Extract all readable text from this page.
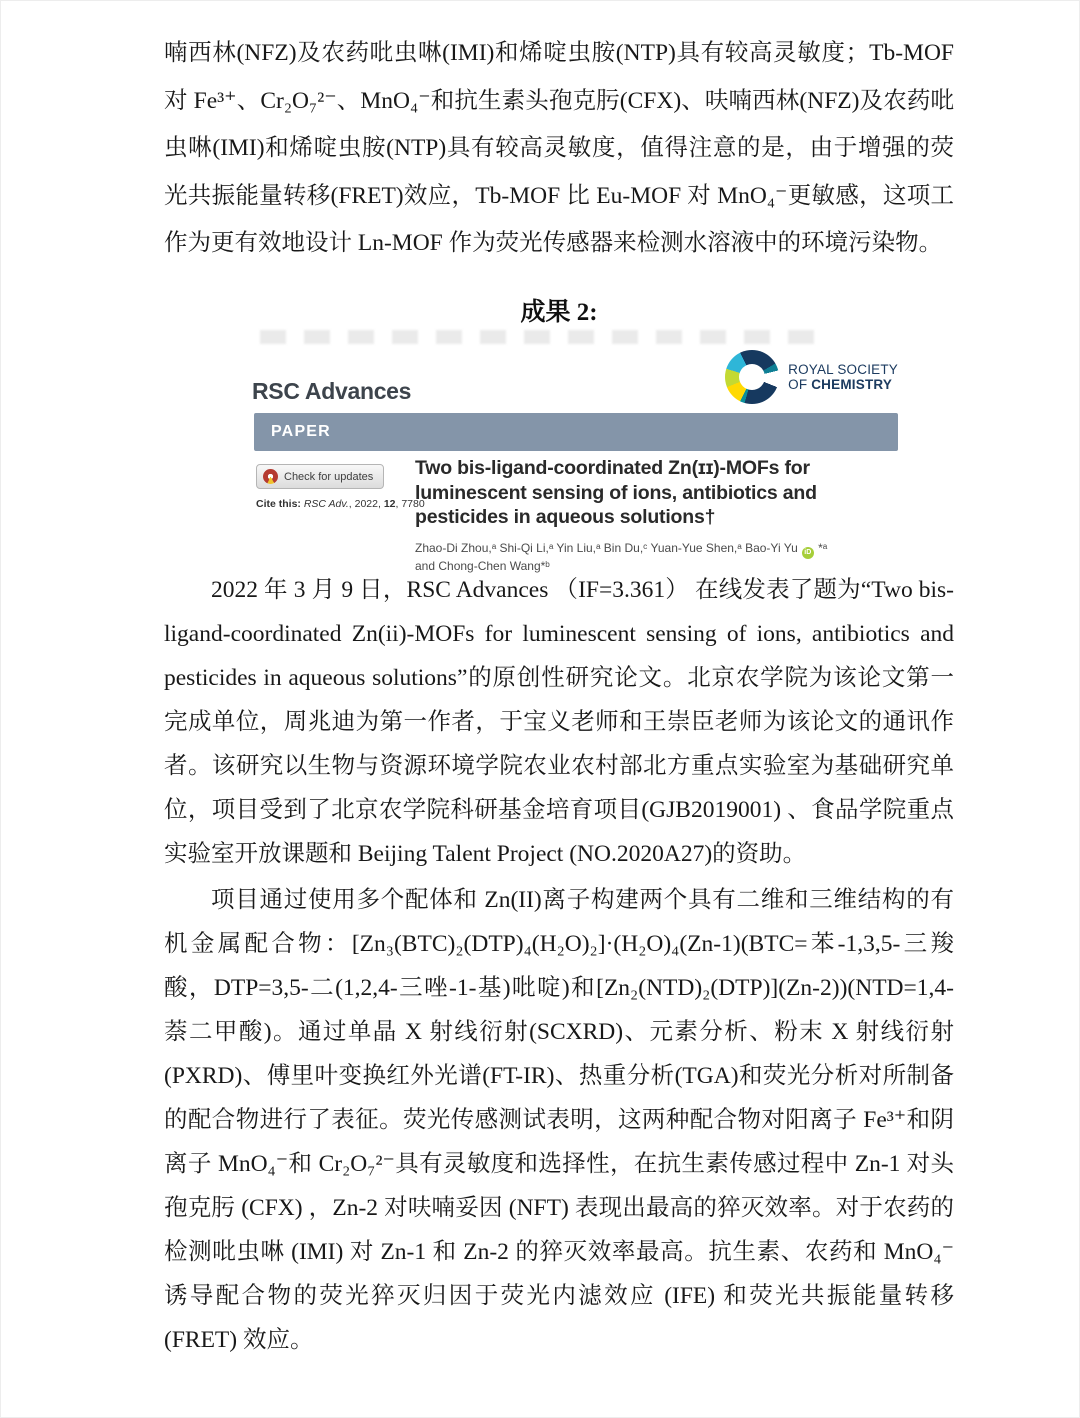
喃西林(NFZ)及农药吡虫啉(IMI)和烯啶虫胺(NTP)具有较高灵敏度；Tb-MOF 对 Fe³⁺、Cr₂O₇²⁻、MnO₄⁻和抗生素头孢克肟(CFX)、呋喃西林(NFZ)及农药吡虫啉(IMI)和烯啶虫胺(NTP)具有较高灵敏度，值得注意的是，由于增强的荧光共振能量转移(FRET)效应，Tb-MOF 比 Eu-MOF 对 MnO₄⁻更敏感，这项工作为更有效地设计 Ln-MOF 作为荧光传感器来检测水溶液中的环境污染物。

成果 2:
RSC Advances
ROYAL SOCIETY
OF CHEMISTRY
PAPER
Check for updates
Cite this: RSC Adv., 2022, 12, 7780
Two bis-ligand-coordinated Zn(ɪɪ)-MOFs for
luminescent sensing of ions, antibiotics and
pesticides in aqueous solutions†
Zhao-Di Zhou,ᵃ Shi-Qi Li,ᵃ Yin Liu,ᵃ Bin Du,ᶜ Yuan-Yue Shen,ᵃ Bao-Yi Yu iD *ᵃ
and Chong-Chen Wang*ᵇ

2022 年 3 月 9 日，RSC Advances （IF=3.361） 在线发表了题为“Two bis-ligand-coordinated Zn(ii)-MOFs for luminescent sensing of ions, antibiotics and pesticides in aqueous solutions”的原创性研究论文。北京农学院为该论文第一完成单位，周兆迪为第一作者，于宝义老师和王崇臣老师为该论文的通讯作者。该研究以生物与资源环境学院农业农村部北方重点实验室为基础研究单位，项目受到了北京农学院科研基金培育项目(GJB2019001) 、食品学院重点实验室开放课题和 Beijing Talent Project (NO.2020A27)的资助。

项目通过使用多个配体和 Zn(II)离子构建两个具有二维和三维结构的有机金属配合物：[Zn₃(BTC)₂(DTP)₄(H₂O)₂]·(H₂O)₄(Zn-1)(BTC=苯-1,3,5-三羧酸，DTP=3,5-二(1,2,4-三唑-1-基)吡啶)和[Zn₂(NTD)₂(DTP)](Zn-2))(NTD=1,4-萘二甲酸)。通过单晶 X 射线衍射(SCXRD)、元素分析、粉末 X 射线衍射(PXRD)、傅里叶变换红外光谱(FT-IR)、热重分析(TGA)和荧光分析对所制备的配合物进行了表征。荧光传感测试表明，这两种配合物对阳离子 Fe³⁺和阴离子 MnO₄⁻和 Cr₂O₇²⁻具有灵敏度和选择性，在抗生素传感过程中 Zn-1 对头孢克肟 (CFX) ，Zn-2 对呋喃妥因 (NFT) 表现出最高的猝灭效率。对于农药的检测吡虫啉 (IMI) 对 Zn-1 和 Zn-2 的猝灭效率最高。抗生素、农药和 MnO₄⁻诱导配合物的荧光猝灭归因于荧光内滤效应 (IFE) 和荧光共振能量转移 (FRET) 效应。
